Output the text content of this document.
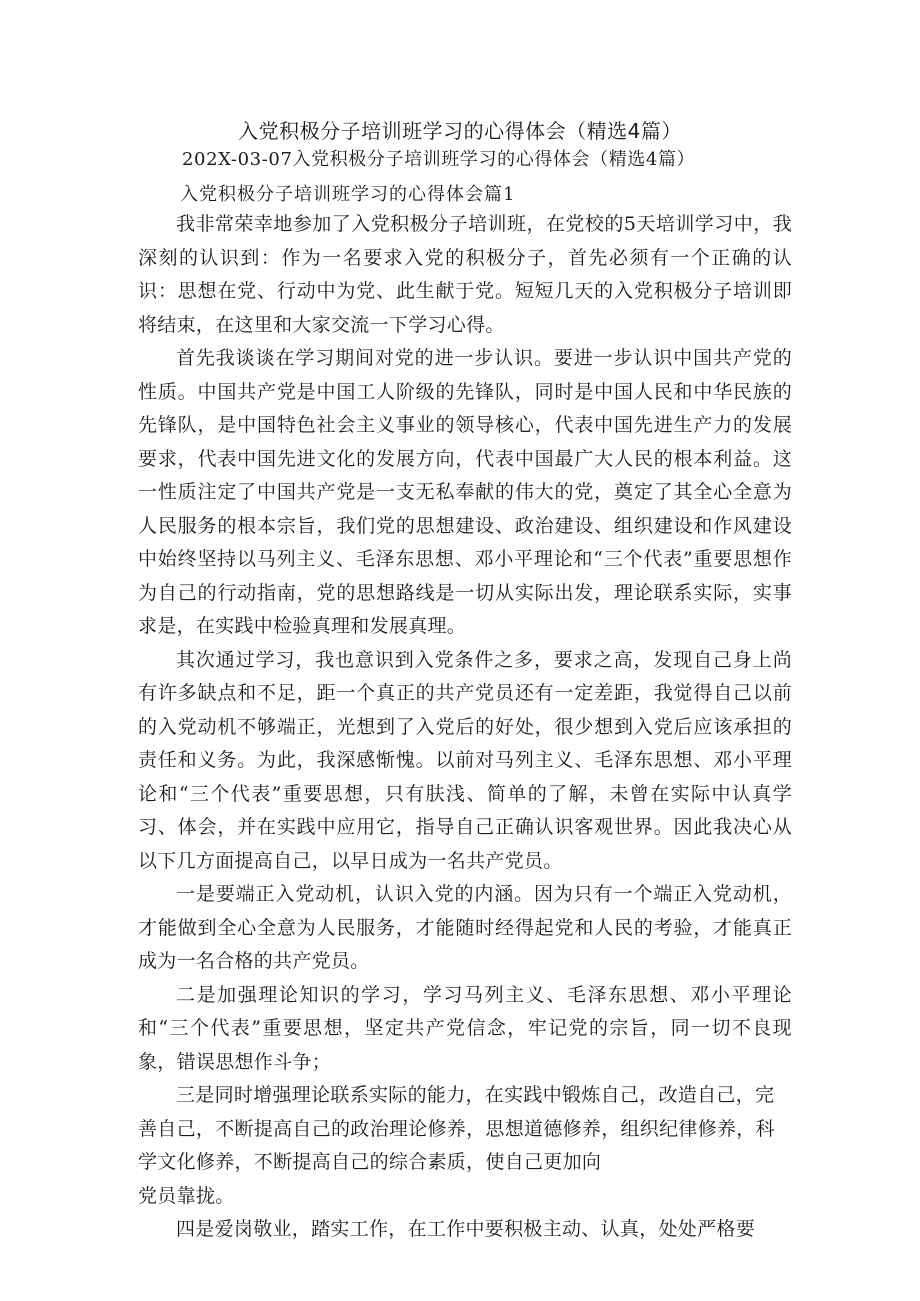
入党积极分子培训班学习的心得体会（精选4篇）
202X-03-07入党积极分子培训班学习的心得体会（精选4篇）
入党积极分子培训班学习的心得体会篇1

我非常荣幸地参加了入党积极分子培训班，在党校的5天培训学习中，我深刻的认识到：作为一名要求入党的积极分子，首先必须有一个正确的认识：思想在党、行动中为党、此生献于党。短短几天的入党积极分子培训即将结束，在这里和大家交流一下学习心得。

首先我谈谈在学习期间对党的进一步认识。要进一步认识中国共产党的性质。中国共产党是中国工人阶级的先锋队，同时是中国人民和中华民族的先锋队，是中国特色社会主义事业的领导核心，代表中国先进生产力的发展要求，代表中国先进文化的发展方向，代表中国最广大人民的根本利益。这一性质注定了中国共产党是一支无私奉献的伟大的党，奠定了其全心全意为人民服务的根本宗旨，我们党的思想建设、政治建设、组织建设和作风建设中始终坚持以马列主义、毛泽东思想、邓小平理论和“三个代表”重要思想作为自己的行动指南，党的思想路线是一切从实际出发，理论联系实际，实事求是，在实践中检验真理和发展真理。

其次通过学习，我也意识到入党条件之多，要求之高，发现自己身上尚有许多缺点和不足，距一个真正的共产党员还有一定差距，我觉得自己以前的入党动机不够端正，光想到了入党后的好处，很少想到入党后应该承担的责任和义务。为此，我深感惭愧。以前对马列主义、毛泽东思想、邓小平理论和“三个代表”重要思想，只有肤浅、简单的了解，未曾在实际中认真学习、体会，并在实践中应用它，指导自己正确认识客观世界。因此我决心从以下几方面提高自己，以早日成为一名共产党员。

一是要端正入党动机，认识入党的内涵。因为只有一个端正入党动机，才能做到全心全意为人民服务，才能随时经得起党和人民的考验，才能真正成为一名合格的共产党员。

二是加强理论知识的学习，学习马列主义、毛泽东思想、邓小平理论和“三个代表”重要思想，坚定共产党信念，牢记党的宗旨，同一切不良现象，错误思想作斗争；

三是同时增强理论联系实际的能力，在实践中锻炼自己，改造自己，完善自己，不断提高自己的政治理论修养，思想道德修养，组织纪律修养，科学文化修养，不断提高自己的综合素质，使自己更加向

党员靠拢。

四是爱岗敬业，踏实工作，在工作中要积极主动、认真，处处严格要
